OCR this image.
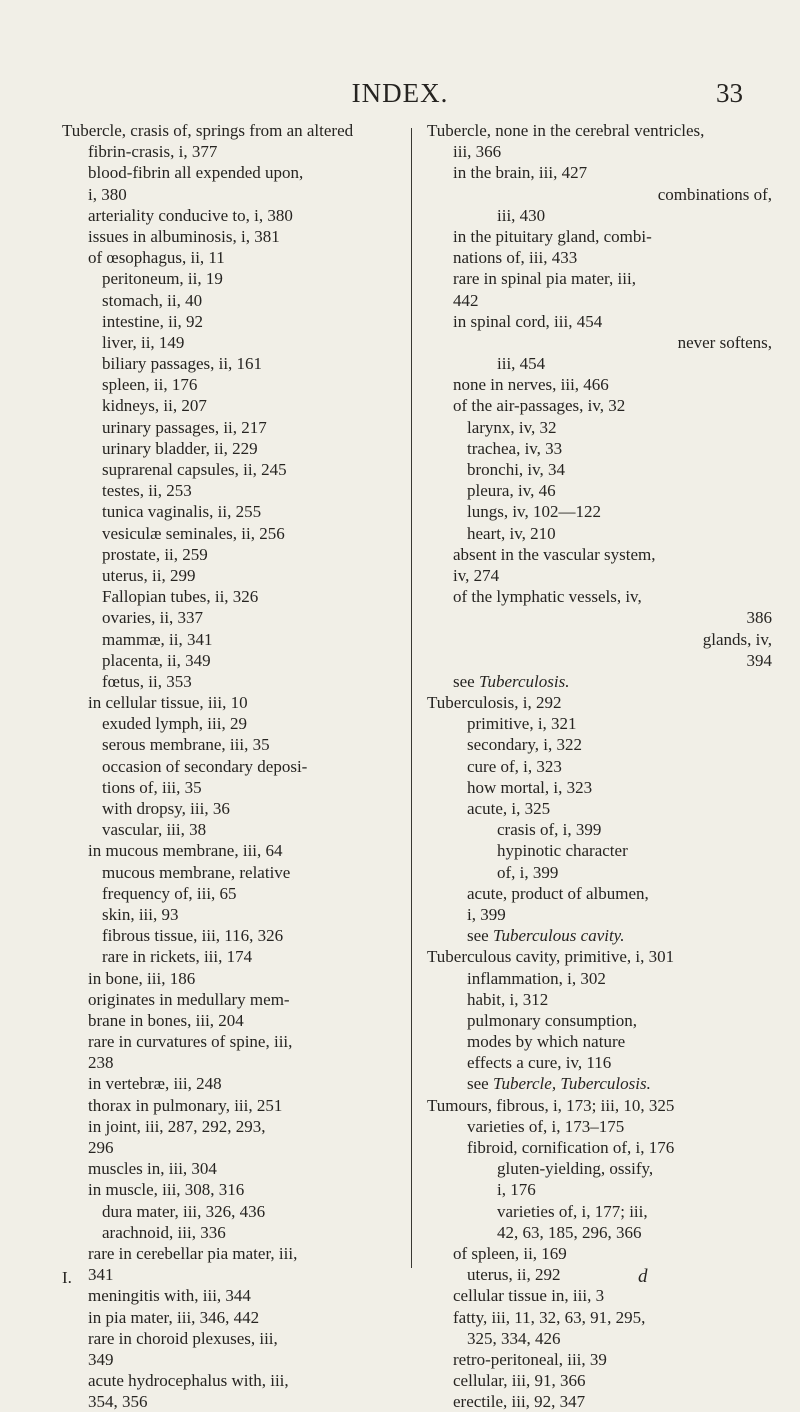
INDEX.	33
Tubercle, crasis of, springs from an altered
fibrin-crasis, i, 377
blood-fibrin all expended upon,
i, 380
arteriality conducive to, i, 380
issues in albuminosis, i, 381
of œsophagus, ii, 11
peritoneum, ii, 19
stomach, ii, 40
intestine, ii, 92
liver, ii, 149
biliary passages, ii, 161
spleen, ii, 176
kidneys, ii, 207
urinary passages, ii, 217
urinary bladder, ii, 229
suprarenal capsules, ii, 245
testes, ii, 253
tunica vaginalis, ii, 255
vesiculæ seminales, ii, 256
prostate, ii, 259
uterus, ii, 299
Fallopian tubes, ii, 326
ovaries, ii, 337
mammæ, ii, 341
placenta, ii, 349
fœtus, ii, 353
in cellular tissue, iii, 10
exuded lymph, iii, 29
serous membrane, iii, 35
occasion of secondary deposi-
tions of, iii, 35
with dropsy, iii, 36
vascular, iii, 38
in mucous membrane, iii, 64
mucous membrane, relative
frequency of, iii, 65
skin, iii, 93
fibrous tissue, iii, 116, 326
rare in rickets, iii, 174
in bone, iii, 186
originates in medullary mem-
brane in bones, iii, 204
rare in curvatures of spine, iii,
238
in vertebræ, iii, 248
thorax in pulmonary, iii, 251
in joint, iii, 287, 292, 293,
296
muscles in, iii, 304
in muscle, iii, 308, 316
dura mater, iii, 326, 436
arachnoid, iii, 336
rare in cerebellar pia mater, iii,
341
meningitis with, iii, 344
in pia mater, iii, 346, 442
rare in choroid plexuses, iii,
349
acute hydrocephalus with, iii,
354, 356
Tubercle, none in the cerebral ventricles,
iii, 366
in the brain, iii, 427
combinations of,
iii, 430
in the pituitary gland, combi-
nations of, iii, 433
rare in spinal pia mater, iii,
442
in spinal cord, iii, 454
never softens,
iii, 454
none in nerves, iii, 466
of the air-passages, iv, 32
larynx, iv, 32
trachea, iv, 33
bronchi, iv, 34
pleura, iv, 46
lungs, iv, 102—122
heart, iv, 210
absent in the vascular system,
iv, 274
of the lymphatic vessels, iv,
386
glands, iv,
394
see Tuberculosis.
Tuberculosis, i, 292
primitive, i, 321
secondary, i, 322
cure of, i, 323
how mortal, i, 323
acute, i, 325
crasis of, i, 399
hypinotic character
of, i, 399
acute, product of albumen,
i, 399
see Tuberculous cavity.
Tuberculous cavity, primitive, i, 301
inflammation, i, 302
habit, i, 312
pulmonary consumption,
modes by which nature
effects a cure, iv, 116
see Tubercle, Tuberculosis.
Tumours, fibrous, i, 173; iii, 10, 325
varieties of, i, 173–175
fibroid, cornification of, i, 176
gluten-yielding, ossify,
i, 176
varieties of, i, 177; iii,
42, 63, 185, 296, 366
of spleen, ii, 169
uterus, ii, 292
cellular tissue in, iii, 3
fatty, iii, 11, 32, 63, 91, 295,
325, 334, 426
retro-peritoneal, iii, 39
cellular, iii, 91, 366
erectile, iii, 92, 347
I.	d
